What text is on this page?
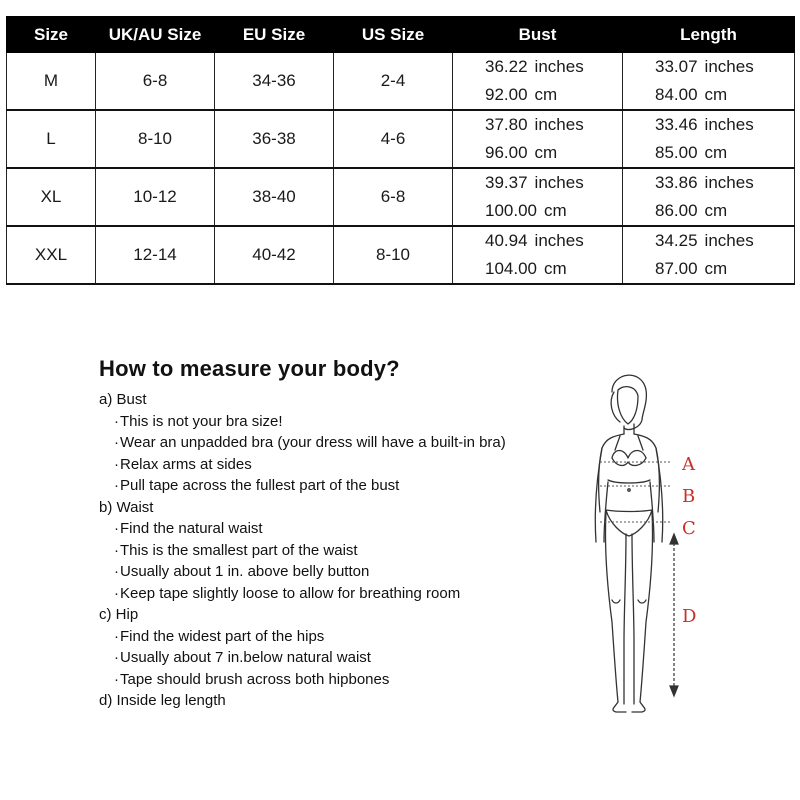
Size	UK/AU Size	EU Size	US Size	Bust	Length
M	6-8	34-36	2-4	36.22 inches	33.07 inches
				92.00 cm	84.00 cm
L	8-10	36-38	4-6	37.80 inches	33.46 inches
				96.00 cm	85.00 cm
XL	10-12	38-40	6-8	39.37 inches	33.86 inches
				100.00 cm	86.00 cm
XXL	12-14	40-42	8-10	40.94 inches	34.25 inches
				104.00 cm	87.00 cm
How to measure your body?
a) Bust
·This is not your bra size!
·Wear an unpadded bra (your dress will have a built-in bra)
·Relax arms at sides
·Pull tape across the fullest part of the bust
b) Waist
·Find the natural waist
·This is the smallest part of the waist
·Usually about 1 in. above belly button
·Keep tape slightly loose to allow for breathing room
c) Hip
·Find the widest part of the hips
·Usually about 7 in.below natural waist
·Tape should brush across both hipbones
d) Inside leg length
A
B
C
D
